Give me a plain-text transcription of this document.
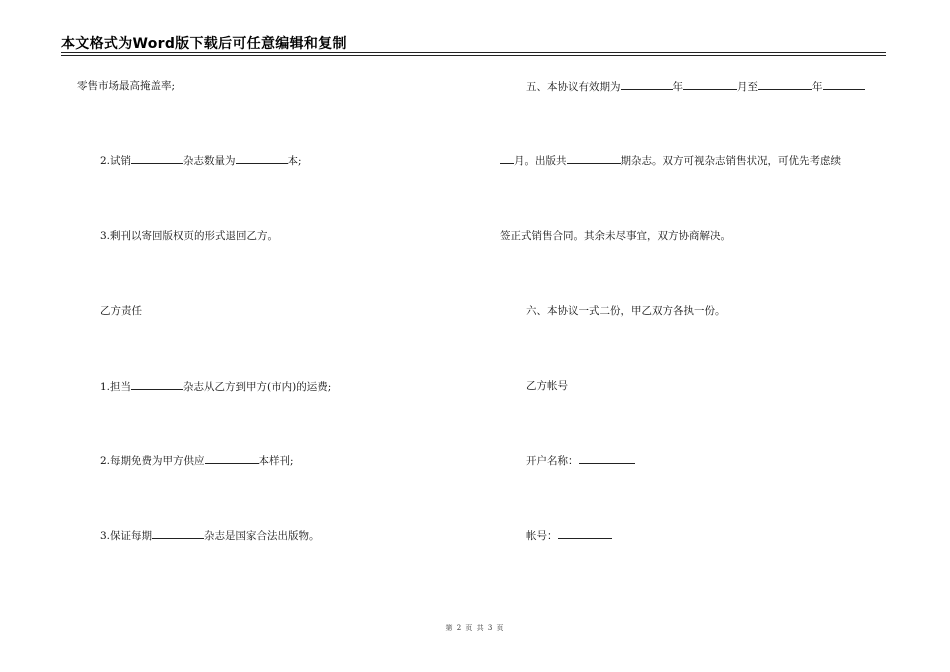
本文格式为Word版下载后可任意编辑和复制
零售市场最高掩盖率;
2.试销	杂志数量为	本;
3.剩刊以寄回版权页的形式退回乙方。
乙方责任
1.担当	杂志从乙方到甲方(市内)的运费;
2.每期免费为甲方供应	本样刊;
3.保证每期	杂志是国家合法出版物。
五、本协议有效期为	年	月至	年
月。出版共	期杂志。双方可视杂志销售状况，可优先考虑续
签正式销售合同。其余未尽事宜，双方协商解决。
六、本协议一式二份，甲乙双方各执一份。
乙方帐号
开户名称：
帐号：
第 2 页 共 3 页
